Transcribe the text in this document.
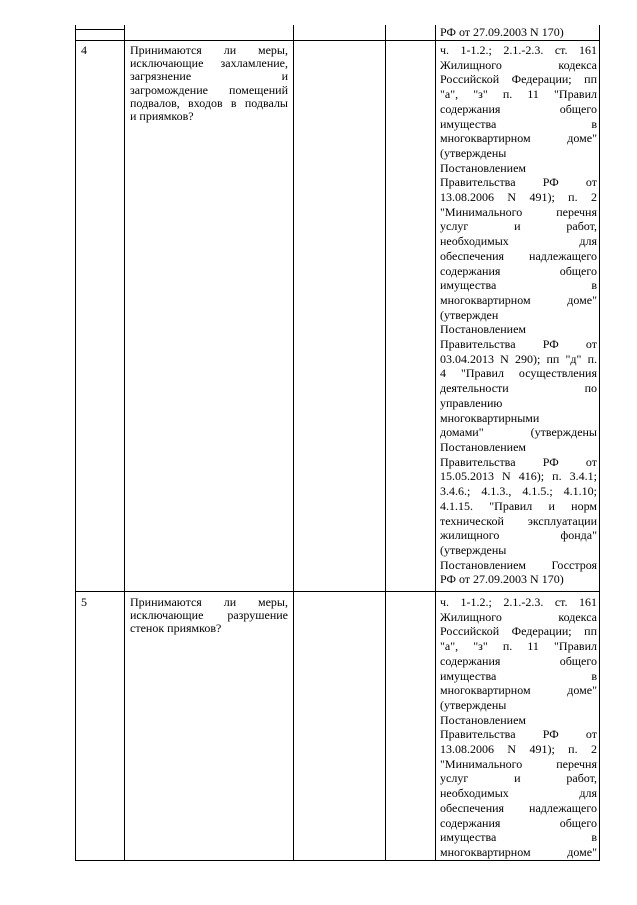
РФ от 27.09.2003 N 170)
4	Принимаются ли меры,
исключающие захламление,
загрязнение и
загромождение помещений
подвалов, входов в подвалы
и приямков?
ч. 1-1.2.; 2.1.-2.3. ст. 161
Жилищного кодекса
Российской Федерации; пп
"а", "з" п. 11 "Правил
содержания общего
имущества в
многоквартирном доме"
(утверждены
Постановлением
Правительства РФ от
13.08.2006 N 491); п. 2
"Минимального перечня
услуг и работ,
необходимых для
обеспечения надлежащего
содержания общего
имущества в
многоквартирном доме"
(утвержден
Постановлением
Правительства РФ от
03.04.2013 N 290); пп "д" п.
4 "Правил осуществления
деятельности по
управлению
многоквартирными
домами" (утверждены
Постановлением
Правительства РФ от
15.05.2013 N 416); п. 3.4.1;
3.4.6.; 4.1.3., 4.1.5.; 4.1.10;
4.1.15. "Правил и норм
технической эксплуатации
жилищного фонда"
(утверждены
Постановлением Госстроя
РФ от 27.09.2003 N 170)
5	Принимаются ли меры,
исключающие разрушение
стенок приямков?
ч. 1-1.2.; 2.1.-2.3. ст. 161
Жилищного кодекса
Российской Федерации; пп
"а", "з" п. 11 "Правил
содержания общего
имущества в
многоквартирном доме"
(утверждены
Постановлением
Правительства РФ от
13.08.2006 N 491); п. 2
"Минимального перечня
услуг и работ,
необходимых для
обеспечения надлежащего
содержания общего
имущества в
многоквартирном доме"
